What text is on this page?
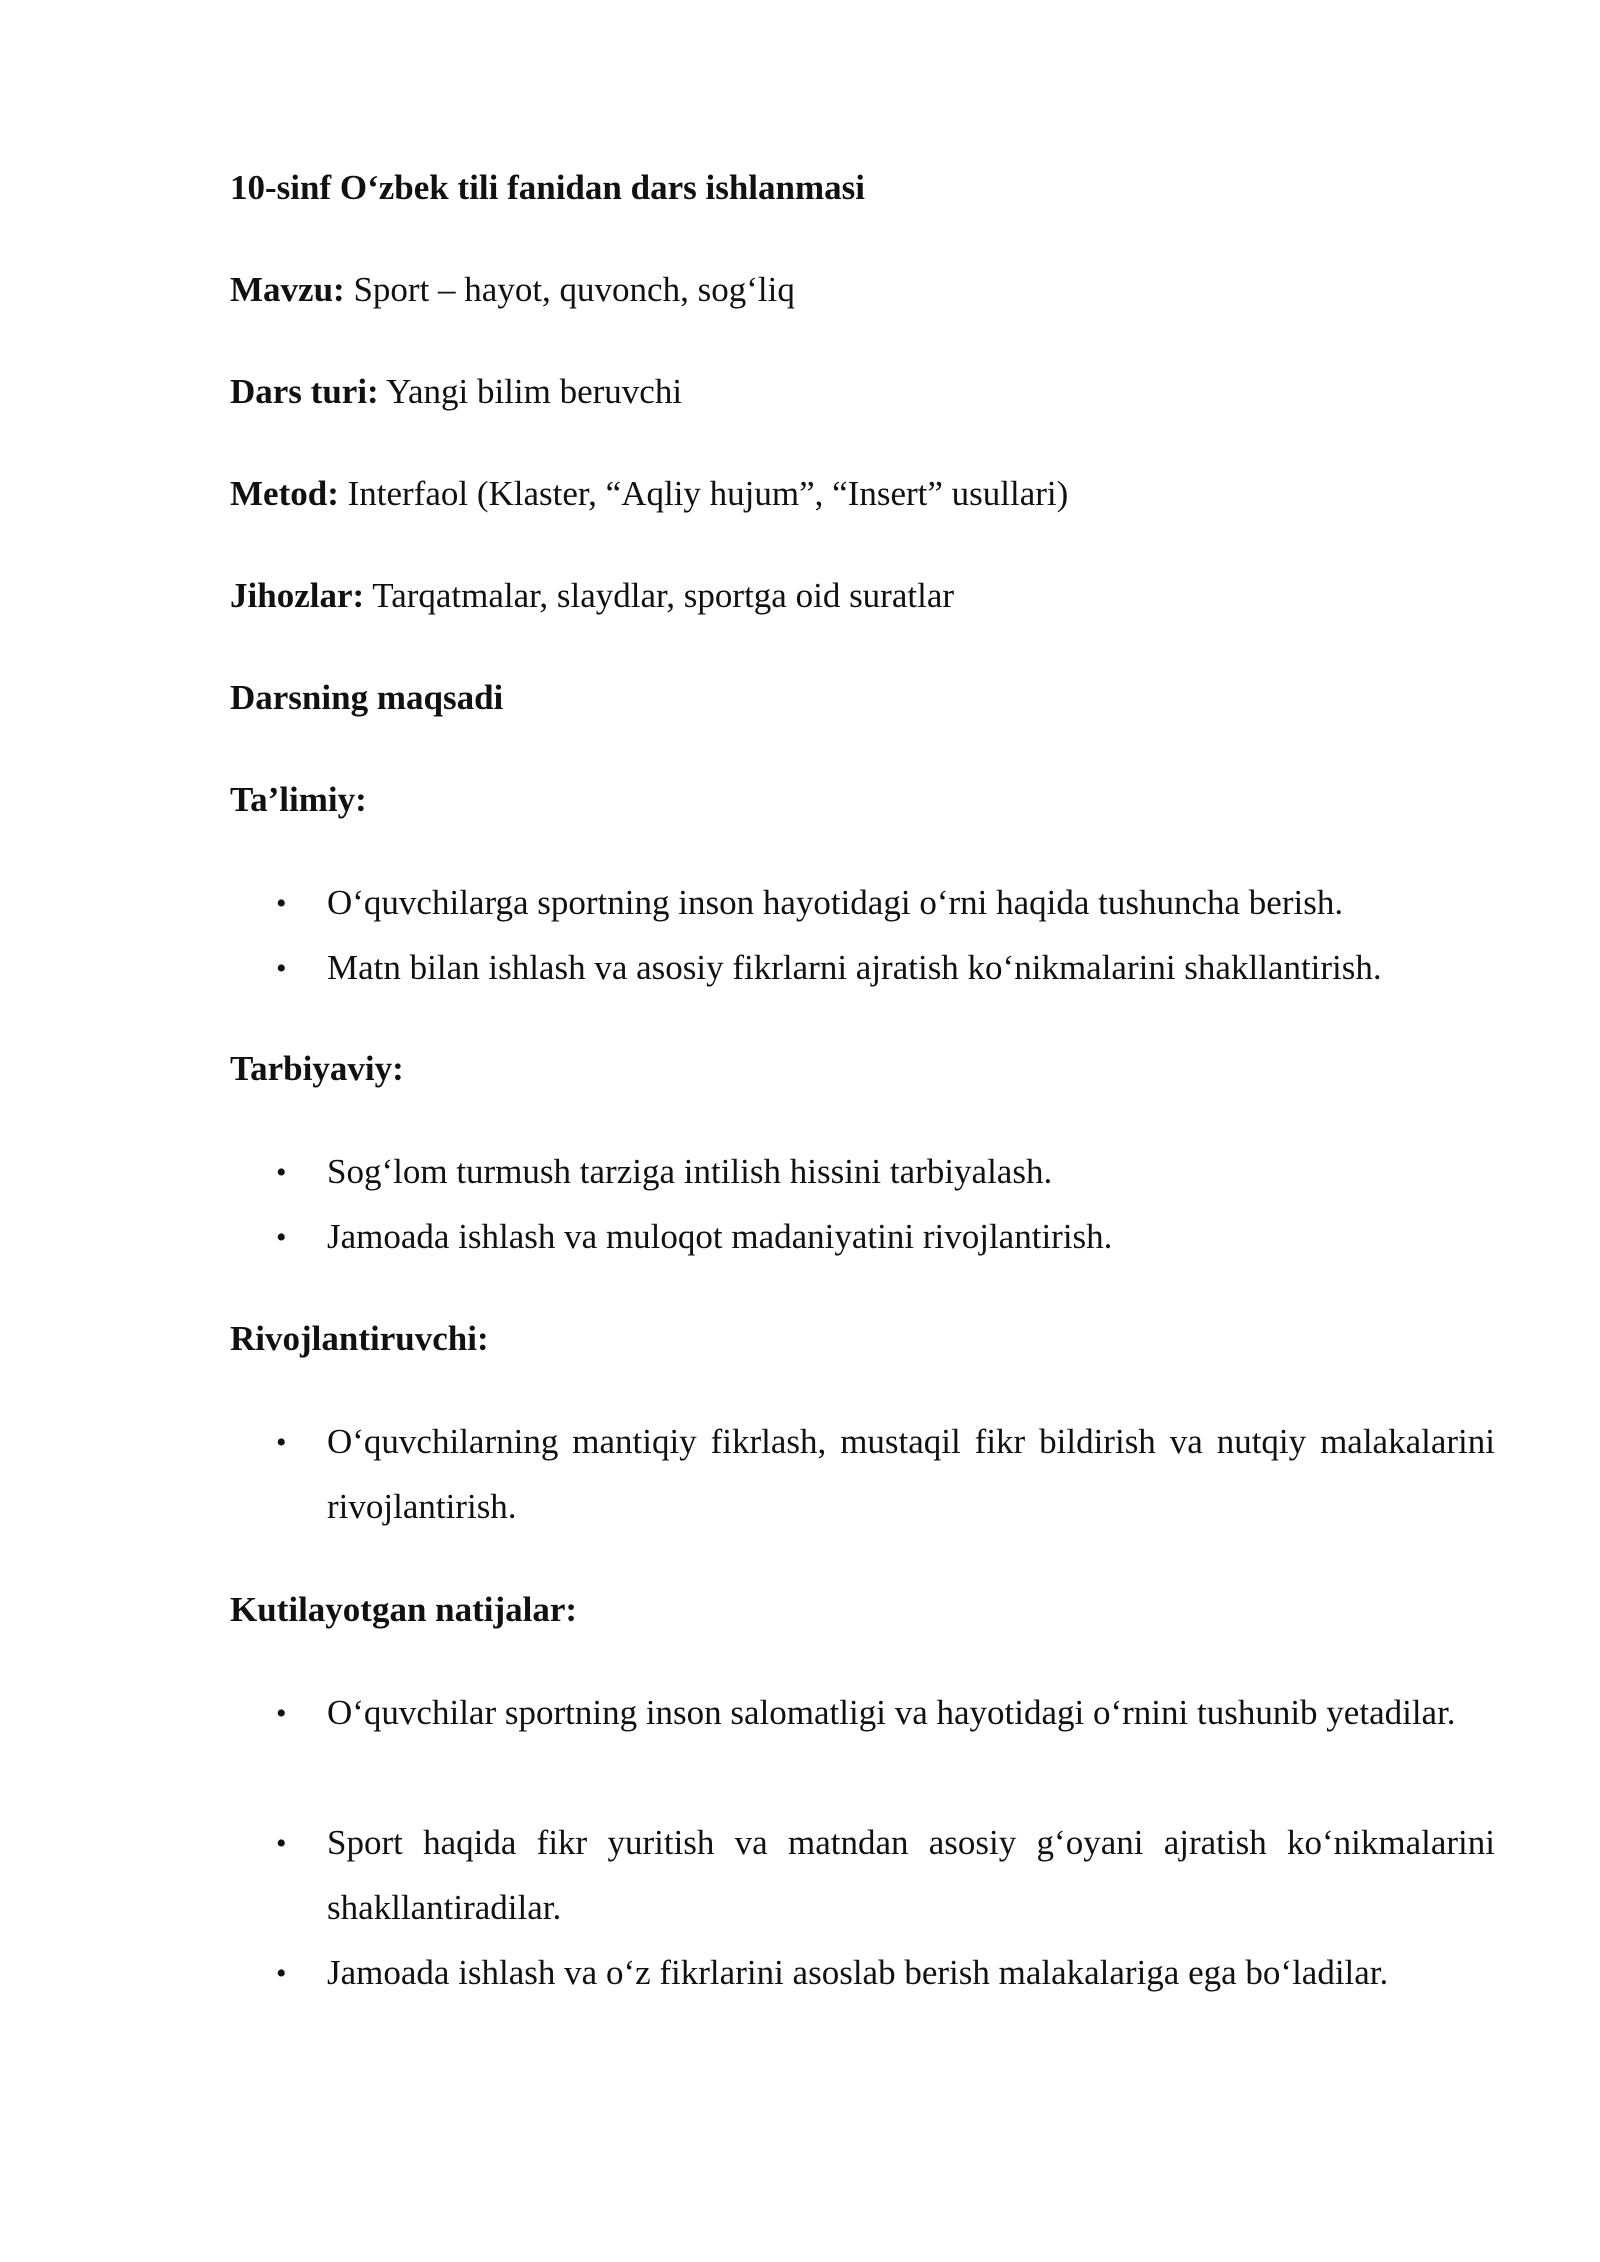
10-sinf O‘zbek tili fanidan dars ishlanmasi
Mavzu: Sport – hayot, quvonch, sog‘liq
Dars turi: Yangi bilim beruvchi
Metod: Interfaol (Klaster, “Aqliy hujum”, “Insert” usullari)
Jihozlar: Tarqatmalar, slaydlar, sportga oid suratlar
Darsning maqsadi
Ta’limiy:
• O‘quvchilarga sportning inson hayotidagi o‘rni haqida tushuncha berish.
• Matn bilan ishlash va asosiy fikrlarni ajratish ko‘nikmalarini shakllantirish.
Tarbiyaviy:
• Sog‘lom turmush tarziga intilish hissini tarbiyalash.
• Jamoada ishlash va muloqot madaniyatini rivojlantirish.
Rivojlantiruvchi:
• O‘quvchilarning mantiqiy fikrlash, mustaqil fikr bildirish va nutqiy malakalarini rivojlantirish.
Kutilayotgan natijalar:
• O‘quvchilar sportning inson salomatligi va hayotidagi o‘rnini tushunib yetadilar.
• Sport haqida fikr yuritish va matndan asosiy g‘oyani ajratish ko‘nikmalarini shakllantiradilar.
• Jamoada ishlash va o‘z fikrlarini asoslab berish malakalariga ega bo‘ladilar.
